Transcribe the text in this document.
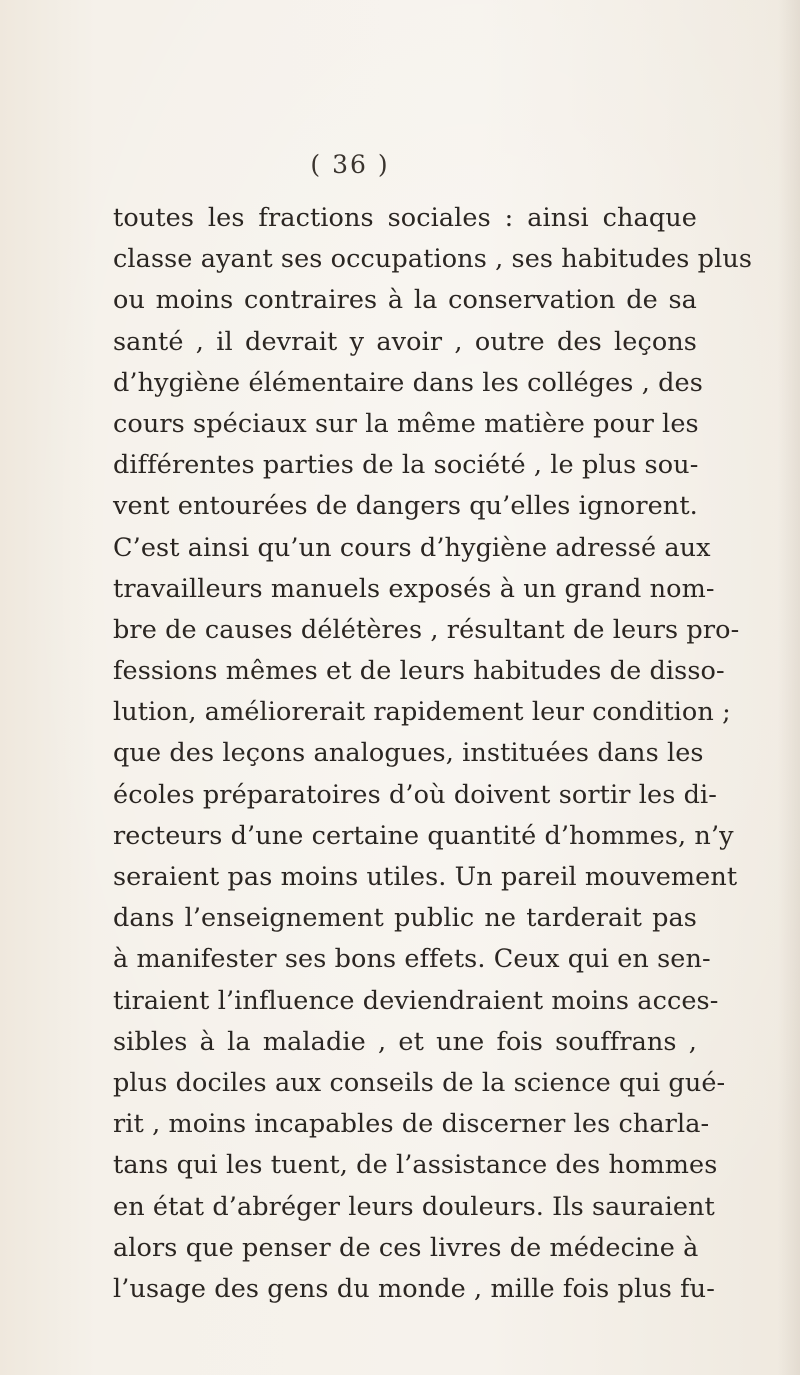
( 36 )
toutes les fractions sociales : ainsi chaque
classe ayant ses occupations , ses habitudes plus
ou moins contraires à la conservation de sa
santé , il devrait y avoir , outre des leçons
d’hygiène élémentaire dans les colléges , des
cours spéciaux sur la même matière pour les
différentes parties de la société , le plus sou-
vent entourées de dangers qu’elles ignorent.
C’est ainsi qu’un cours d’hygiène adressé aux
travailleurs manuels exposés à un grand nom-
bre de causes délétères , résultant de leurs pro-
fessions mêmes et de leurs habitudes de disso-
lution, améliorerait rapidement leur condition ;
que des leçons analogues, instituées dans les
écoles préparatoires d’où doivent sortir les di-
recteurs d’une certaine quantité d’hommes, n’y
seraient pas moins utiles. Un pareil mouvement
dans l’enseignement public ne tarderait pas
à manifester ses bons effets. Ceux qui en sen-
tiraient l’influence deviendraient moins acces-
sibles à la maladie , et une fois souffrans ,
plus dociles aux conseils de la science qui gué-
rit , moins incapables de discerner les charla-
tans qui les tuent, de l’assistance des hommes
en état d’abréger leurs douleurs. Ils sauraient
alors que penser de ces livres de médecine à
l’usage des gens du monde , mille fois plus fu-
